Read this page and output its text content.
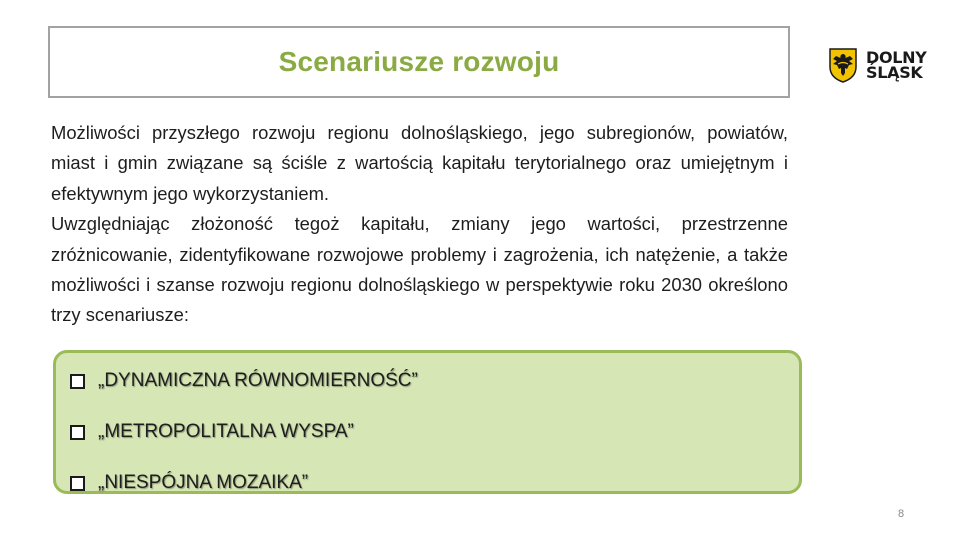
Scenariusze rozwoju	DOLNY
ŚLĄSK

Możliwości przyszłego rozwoju regionu dolnośląskiego, jego subregionów, powiatów, miast i gmin związane są ściśle z wartością kapitału terytorialnego oraz umiejętnym i efektywnym jego wykorzystaniem.

Uwzględniając złożoność tegoż kapitału, zmiany jego wartości, przestrzenne zróżnicowanie, zidentyfikowane rozwojowe problemy i zagrożenia, ich natężenie, a także możliwości i szanse rozwoju regionu dolnośląskiego w perspektywie roku 2030 określono trzy scenariusze:

„DYNAMICZNA RÓWNOMIERNOŚĆ”
„METROPOLITALNA WYSPA”
„NIESPÓJNA MOZAIKA”
8
